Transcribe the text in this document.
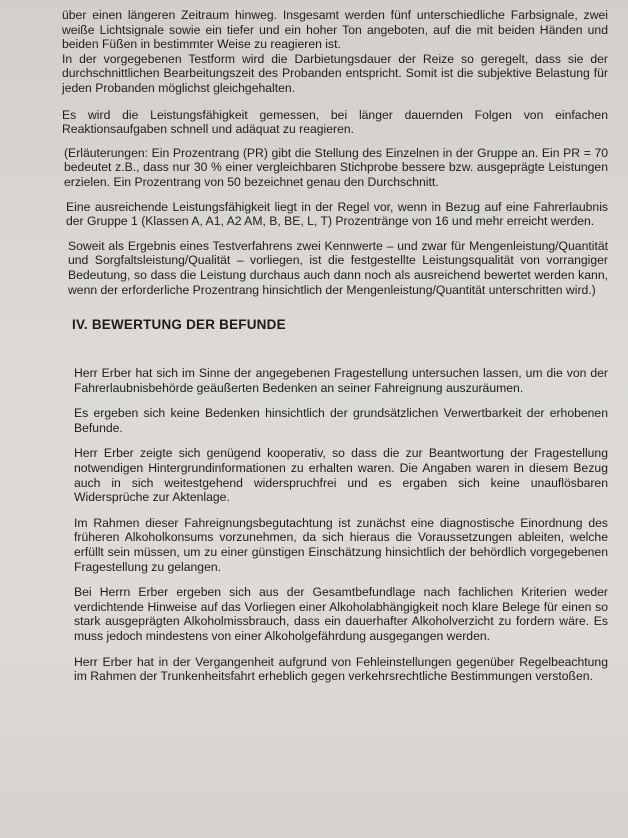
über einen längeren Zeitraum hinweg. Insgesamt werden fünf unterschiedliche Farbsignale, zwei weiße Lichtsignale sowie ein tiefer und ein hoher Ton angeboten, auf die mit beiden Händen und beiden Füßen in bestimmter Weise zu reagieren ist.
In der vorgegebenen Testform wird die Darbietungsdauer der Reize so geregelt, dass sie der durchschnittlichen Bearbeitungszeit des Probanden entspricht. Somit ist die subjektive Belastung für jeden Probanden möglichst gleichgehalten.

Es wird die Leistungsfähigkeit gemessen, bei länger dauernden Folgen von einfachen Reaktionsaufgaben schnell und adäquat zu reagieren.

(Erläuterungen: Ein Prozentrang (PR) gibt die Stellung des Einzelnen in der Gruppe an. Ein PR = 70 bedeutet z.B., dass nur 30 % einer vergleichbaren Stichprobe bessere bzw. ausgeprägte Leistungen erzielen. Ein Prozentrang von 50 bezeichnet genau den Durchschnitt.

Eine ausreichende Leistungsfähigkeit liegt in der Regel vor, wenn in Bezug auf eine Fahrerlaubnis der Gruppe 1 (Klassen A, A1, A2 AM, B, BE, L, T) Prozentränge von 16 und mehr erreicht werden.

Soweit als Ergebnis eines Testverfahrens zwei Kennwerte – und zwar für Mengenleistung/Quantität und Sorgfaltsleistung/Qualität – vorliegen, ist die festgestellte Leistungsqualität von vorrangiger Bedeutung, so dass die Leistung durchaus auch dann noch als ausreichend bewertet werden kann, wenn der erforderliche Prozentrang hinsichtlich der Mengenleistung/Quantität unterschritten wird.)

IV. BEWERTUNG DER BEFUNDE

Herr Erber hat sich im Sinne der angegebenen Fragestellung untersuchen lassen, um die von der Fahrerlaubnisbehörde geäußerten Bedenken an seiner Fahreignung auszuräumen.

Es ergeben sich keine Bedenken hinsichtlich der grundsätzlichen Verwertbarkeit der erhobenen Befunde.

Herr Erber zeigte sich genügend kooperativ, so dass die zur Beantwortung der Fragestellung notwendigen Hintergrundinformationen zu erhalten waren. Die Angaben waren in diesem Bezug auch in sich weitestgehend widerspruchfrei und es ergaben sich keine unauflösbaren Widersprüche zur Aktenlage.

Im Rahmen dieser Fahreignungsbegutachtung ist zunächst eine diagnostische Einordnung des früheren Alkoholkonsums vorzunehmen, da sich hieraus die Voraussetzungen ableiten, welche erfüllt sein müssen, um zu einer günstigen Einschätzung hinsichtlich der behördlich vorgegebenen Fragestellung zu gelangen.

Bei Herrn Erber ergeben sich aus der Gesamtbefundlage nach fachlichen Kriterien weder verdichtende Hinweise auf das Vorliegen einer Alkoholabhängigkeit noch klare Belege für einen so stark ausgeprägten Alkoholmissbrauch, dass ein dauerhafter Alkoholverzicht zu fordern wäre. Es muss jedoch mindestens von einer Alkoholgefährdung ausgegangen werden.

Herr Erber hat in der Vergangenheit aufgrund von Fehleinstellungen gegenüber Regelbeachtung im Rahmen der Trunkenheitsfahrt erheblich gegen verkehrsrechtliche Bestimmungen verstoßen.
